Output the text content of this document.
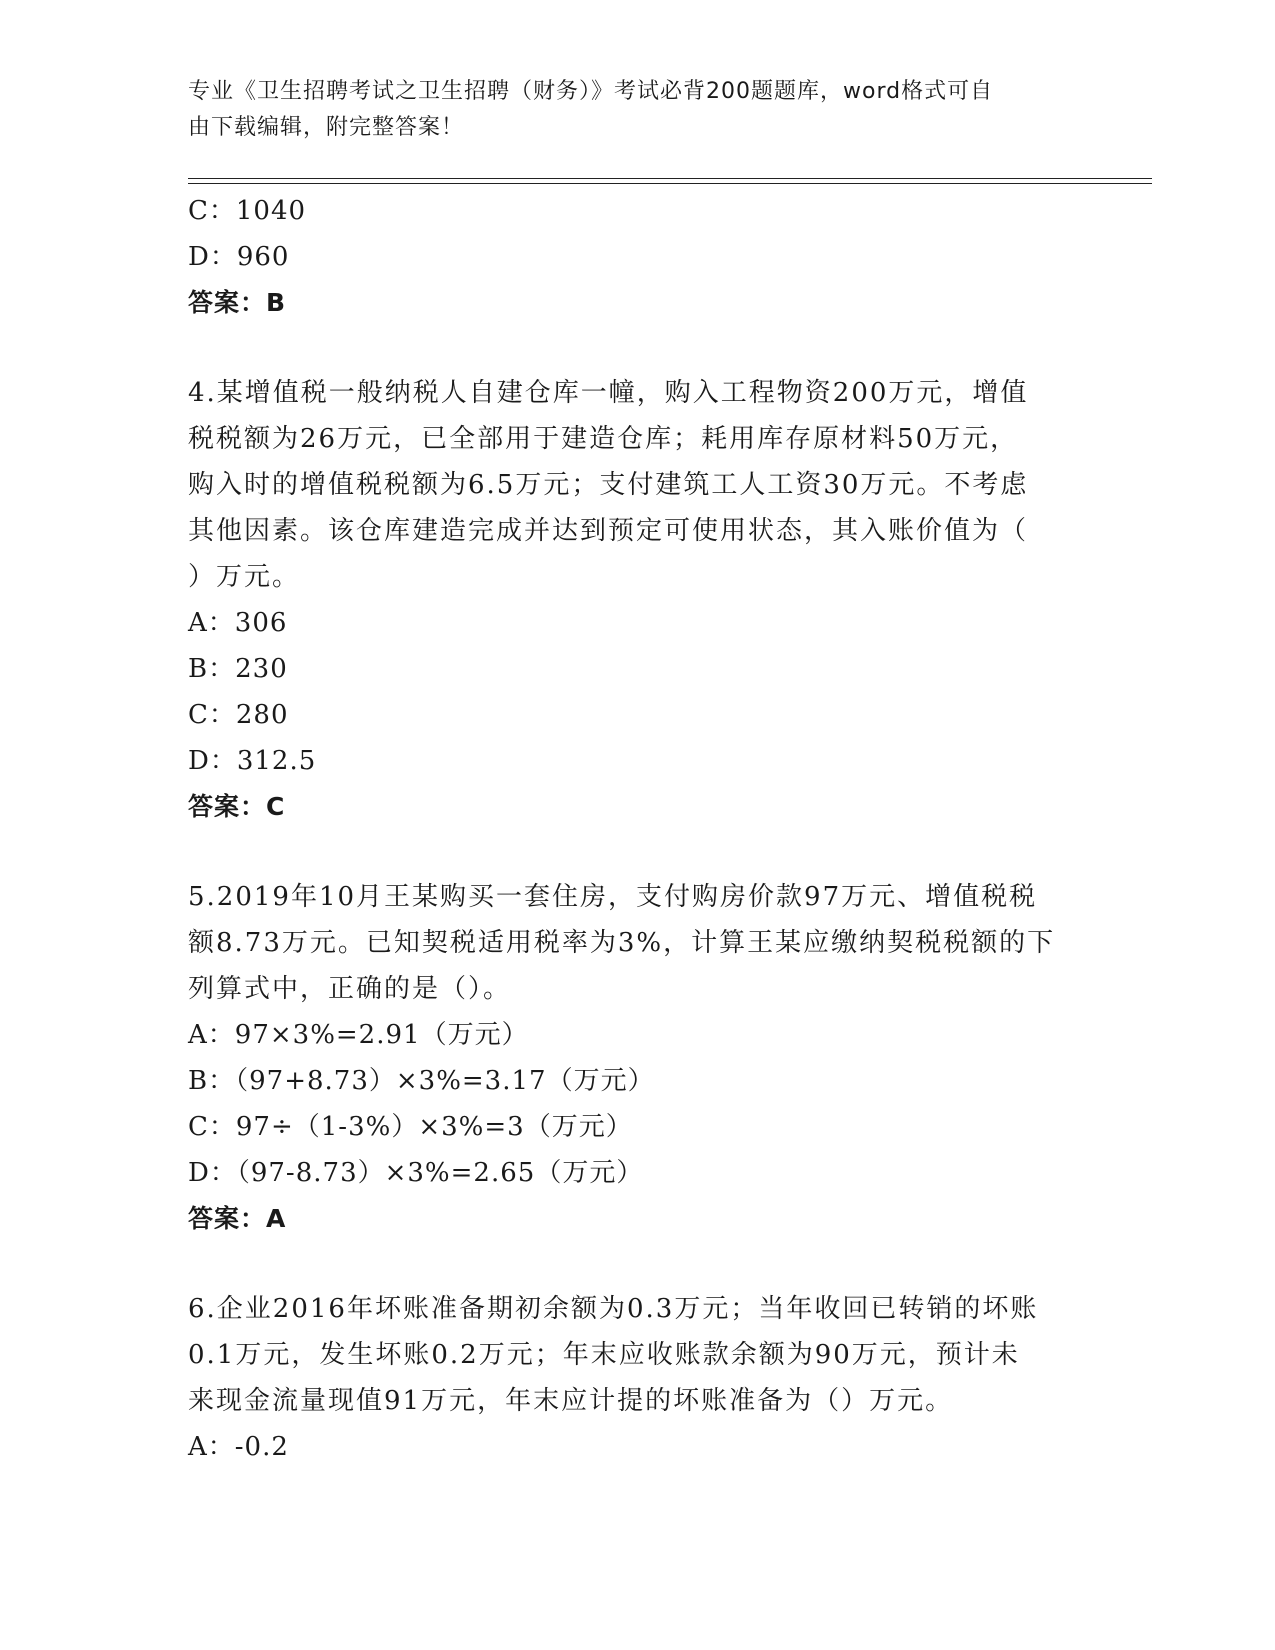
专业《卫生招聘考试之卫生招聘（财务）》考试必背200题题库，word格式可自
由下载编辑，附完整答案！
C：1040
D：960
答案：B
4.某增值税一般纳税人自建仓库一幢，购入工程物资200万元，增值
税税额为26万元，已全部用于建造仓库；耗用库存原材料50万元，
购入时的增值税税额为6.5万元；支付建筑工人工资30万元。不考虑
其他因素。该仓库建造完成并达到预定可使用状态，其入账价值为（
）万元。
A：306
B：230
C：280
D：312.5
答案：C
5.2019年10月王某购买一套住房，支付购房价款97万元、增值税税
额8.73万元。已知契税适用税率为3%，计算王某应缴纳契税税额的下
列算式中，正确的是（）。
A：97×3%=2.91（万元）
B：（97+8.73）×3%=3.17（万元）
C：97÷（1-3%）×3%=3（万元）
D：（97-8.73）×3%=2.65（万元）
答案：A
6.企业2016年坏账准备期初余额为0.3万元；当年收回已转销的坏账
0.1万元，发生坏账0.2万元；年末应收账款余额为90万元，预计未
来现金流量现值91万元，年末应计提的坏账准备为（）万元。
A：-0.2
